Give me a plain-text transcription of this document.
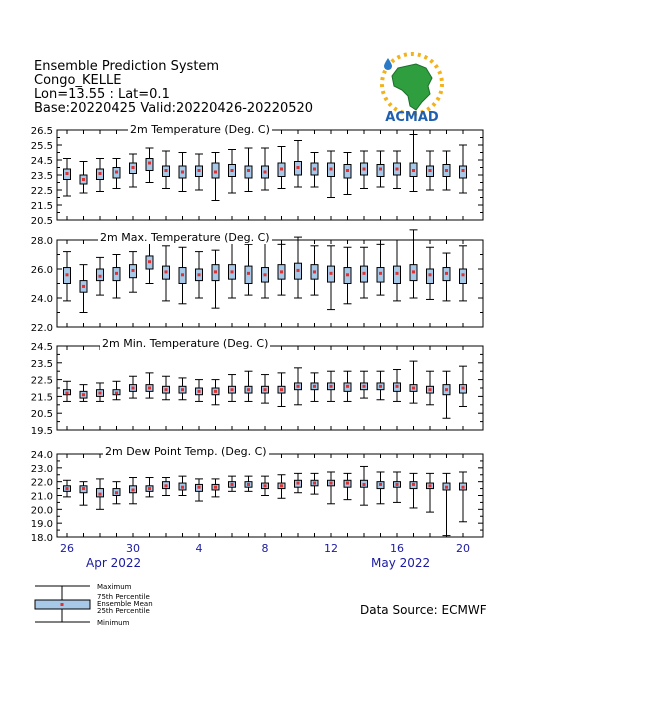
Ensemble Prediction System
Congo_KELLE
Lon=13.55 : Lat=0.1
Base:20220425 Valid:20220426-20220520
ACMAD
26.5
25.5
24.5
23.5
22.5
21.5
20.5
28.0
26.0
24.0
22.0
24.5
23.5
22.5
21.5
20.5
19.5
24.0
23.0
22.0
21.0
20.0
19.0
18.0
26	30	4	8	12	16	20
Apr 2022	May 2022
2m Temperature (Deg. C)
2m Max. Temperature (Deg. C)
2m Min. Temperature (Deg. C)
2m Dew Point Temp. (Deg. C)
Maximum
75th Percentile
Ensemble Mean
25th Percentile
Minimum
Data Source: ECMWF
